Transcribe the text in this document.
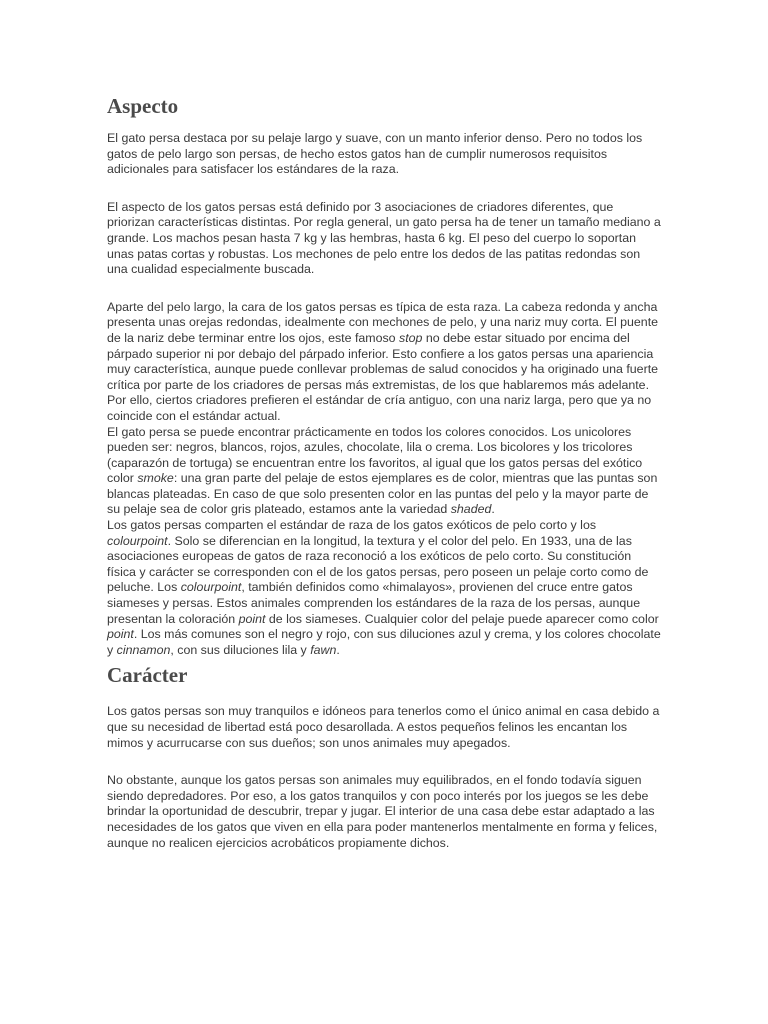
Aspecto

El gato persa destaca por su pelaje largo y suave, con un manto inferior denso. Pero no todos los gatos de pelo largo son persas, de hecho estos gatos han de cumplir numerosos requisitos adicionales para satisfacer los estándares de la raza.

El aspecto de los gatos persas está definido por 3 asociaciones de criadores diferentes, que priorizan características distintas. Por regla general, un gato persa ha de tener un tamaño mediano a grande. Los machos pesan hasta 7 kg y las hembras, hasta 6 kg. El peso del cuerpo lo soportan unas patas cortas y robustas. Los mechones de pelo entre los dedos de las patitas redondas son una cualidad especialmente buscada.

Aparte del pelo largo, la cara de los gatos persas es típica de esta raza. La cabeza redonda y ancha presenta unas orejas redondas, idealmente con mechones de pelo, y una nariz muy corta. El puente de la nariz debe terminar entre los ojos, este famoso stop no debe estar situado por encima del párpado superior ni por debajo del párpado inferior. Esto confiere a los gatos persas una apariencia muy característica, aunque puede conllevar problemas de salud conocidos y ha originado una fuerte crítica por parte de los criadores de persas más extremistas, de los que hablaremos más adelante. Por ello, ciertos criadores prefieren el estándar de cría antiguo, con una nariz larga, pero que ya no coincide con el estándar actual.

El gato persa se puede encontrar prácticamente en todos los colores conocidos. Los unicolores pueden ser: negros, blancos, rojos, azules, chocolate, lila o crema. Los bicolores y los tricolores (caparazón de tortuga) se encuentran entre los favoritos, al igual que los gatos persas del exótico color smoke: una gran parte del pelaje de estos ejemplares es de color, mientras que las puntas son blancas plateadas. En caso de que solo presenten color en las puntas del pelo y la mayor parte de su pelaje sea de color gris plateado, estamos ante la variedad shaded.

Los gatos persas comparten el estándar de raza de los gatos exóticos de pelo corto y los colourpoint. Solo se diferencian en la longitud, la textura y el color del pelo. En 1933, una de las asociaciones europeas de gatos de raza reconoció a los exóticos de pelo corto. Su constitución física y carácter se corresponden con el de los gatos persas, pero poseen un pelaje corto como de peluche. Los colourpoint, también definidos como «himalayos», provienen del cruce entre gatos siameses y persas. Estos animales comprenden los estándares de la raza de los persas, aunque presentan la coloración point de los siameses. Cualquier color del pelaje puede aparecer como color point. Los más comunes son el negro y rojo, con sus diluciones azul y crema, y los colores chocolate y cinnamon, con sus diluciones lila y fawn.

Carácter

Los gatos persas son muy tranquilos e idóneos para tenerlos como el único animal en casa debido a que su necesidad de libertad está poco desarollada. A estos pequeños felinos les encantan los mimos y acurrucarse con sus dueños; son unos animales muy apegados.

No obstante, aunque los gatos persas son animales muy equilibrados, en el fondo todavía siguen siendo depredadores. Por eso, a los gatos tranquilos y con poco interés por los juegos se les debe brindar la oportunidad de descubrir, trepar y jugar. El interior de una casa debe estar adaptado a las necesidades de los gatos que viven en ella para poder mantenerlos mentalmente en forma y felices, aunque no realicen ejercicios acrobáticos propiamente dichos.
